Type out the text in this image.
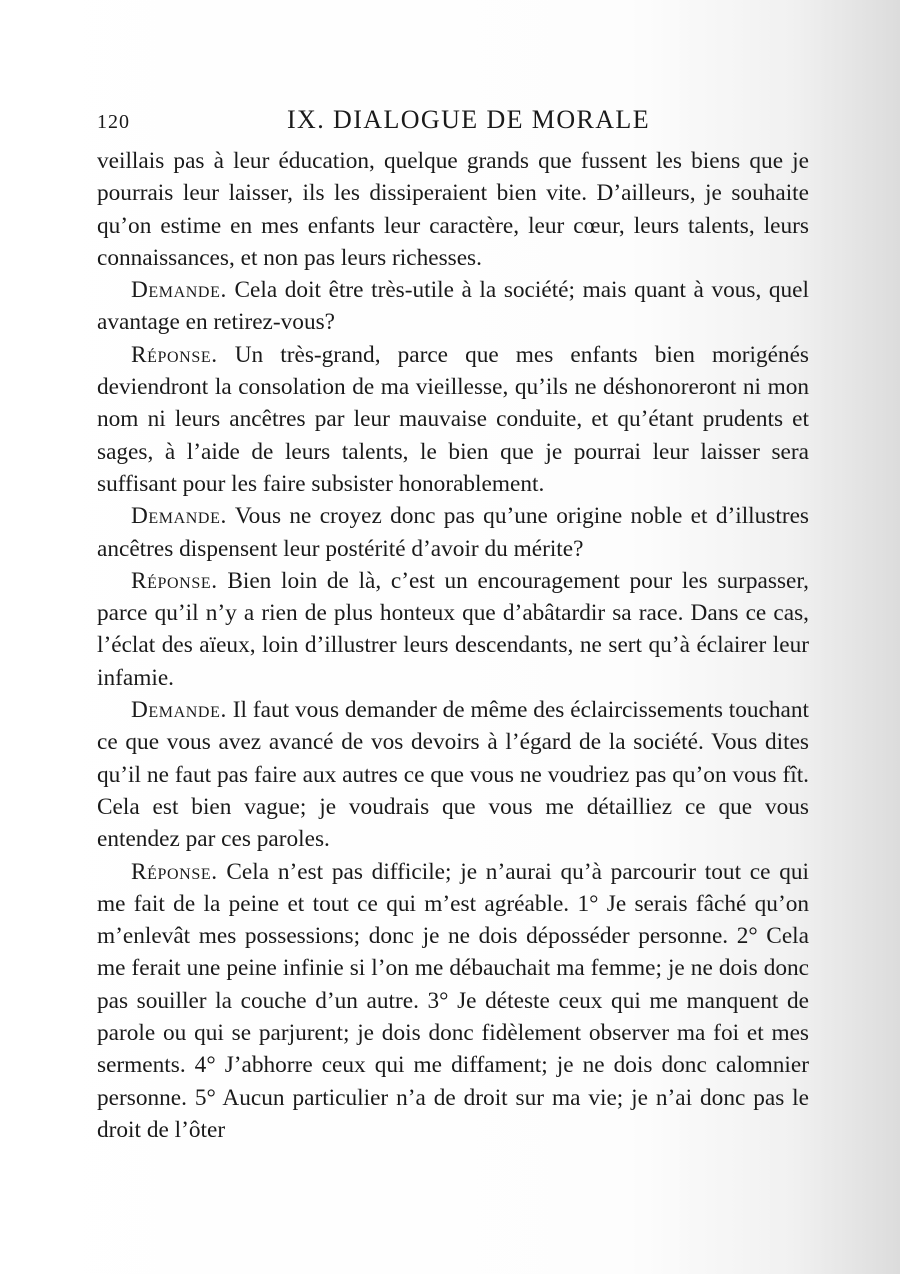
120	IX. DIALOGUE DE MORALE

veillais pas à leur éducation, quelque grands que fussent les biens que je pourrais leur laisser, ils les dissiperaient bien vite. D’ailleurs, je souhaite qu’on estime en mes enfants leur caractère, leur cœur, leurs talents, leurs connaissances, et non pas leurs richesses.

Demande. Cela doit être très-utile à la société; mais quant à vous, quel avantage en retirez-vous?

Réponse. Un très-grand, parce que mes enfants bien morigénés deviendront la consolation de ma vieillesse, qu’ils ne déshonoreront ni mon nom ni leurs ancêtres par leur mauvaise conduite, et qu’étant prudents et sages, à l’aide de leurs talents, le bien que je pourrai leur laisser sera suffisant pour les faire subsister honorablement.

Demande. Vous ne croyez donc pas qu’une origine noble et d’illustres ancêtres dispensent leur postérité d’avoir du mérite?

Réponse. Bien loin de là, c’est un encouragement pour les surpasser, parce qu’il n’y a rien de plus honteux que d’abâtardir sa race. Dans ce cas, l’éclat des aïeux, loin d’illustrer leurs descendants, ne sert qu’à éclairer leur infamie.

Demande. Il faut vous demander de même des éclaircissements touchant ce que vous avez avancé de vos devoirs à l’égard de la société. Vous dites qu’il ne faut pas faire aux autres ce que vous ne voudriez pas qu’on vous fît. Cela est bien vague; je voudrais que vous me détailliez ce que vous entendez par ces paroles.

Réponse. Cela n’est pas difficile; je n’aurai qu’à parcourir tout ce qui me fait de la peine et tout ce qui m’est agréable. 1° Je serais fâché qu’on m’enlevât mes possessions; donc je ne dois déposséder personne. 2° Cela me ferait une peine infinie si l’on me débauchait ma femme; je ne dois donc pas souiller la couche d’un autre. 3° Je déteste ceux qui me manquent de parole ou qui se parjurent; je dois donc fidèlement observer ma foi et mes serments. 4° J’abhorre ceux qui me diffament; je ne dois donc calomnier personne. 5° Aucun particulier n’a de droit sur ma vie; je n’ai donc pas le droit de l’ôter
